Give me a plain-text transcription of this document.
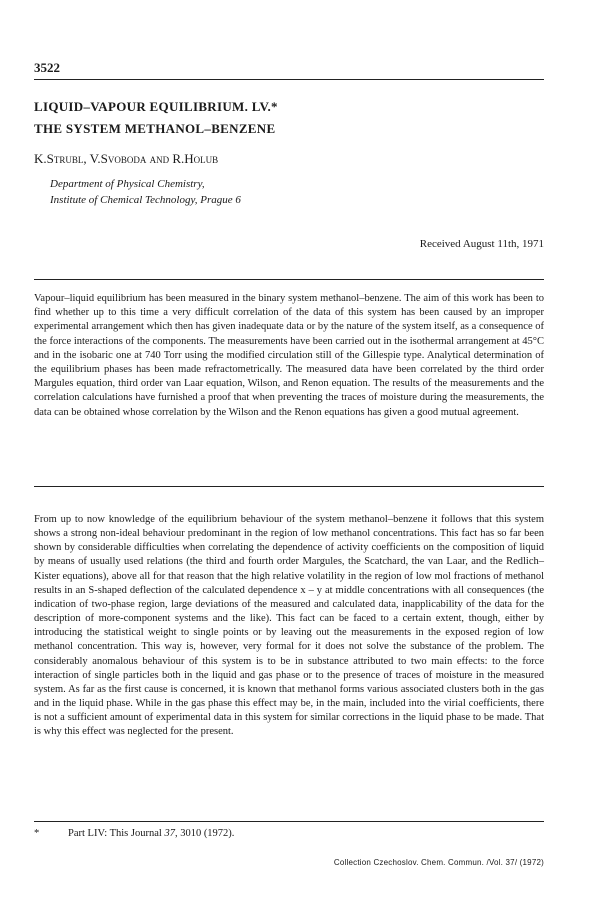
3522
LIQUID–VAPOUR EQUILIBRIUM. LV.*
THE SYSTEM METHANOL–BENZENE
K.Strubl, V.Svoboda and R.Holub
Department of Physical Chemistry,
Institute of Chemical Technology, Prague 6
Received August 11th, 1971

Vapour–liquid equilibrium has been measured in the binary system methanol–benzene. The aim of this work has been to find whether up to this time a very difficult correlation of the data of this system has been caused by an improper experimental arrangement which then has given inadequate data or by the nature of the system itself, as a consequence of the force interactions of the components. The measurements have been carried out in the isothermal arrangement at 45°C and in the isobaric one at 740 Torr using the modified circulation still of the Gillespie type. Analytical determination of the equilibrium phases has been made refractometrically. The measured data have been correlated by the third order Margules equation, third order van Laar equation, Wilson, and Renon equation. The results of the measurements and the correlation calculations have furnished a proof that when preventing the traces of moisture during the measurements, the data can be obtained whose correlation by the Wilson and the Renon equations has given a good mutual agreement.

From up to now knowledge of the equilibrium behaviour of the system methanol–benzene it follows that this system shows a strong non-ideal behaviour predominant in the region of low methanol concentrations. This fact has so far been shown by considerable difficulties when correlating the dependence of activity coefficients on the composition of liquid by means of usually used relations (the third and fourth order Margules, the Scatchard, the van Laar, and the Redlich–Kister equations), above all for that reason that the high relative volatility in the region of low mol fractions of methanol results in an S-shaped deflection of the calculated dependence x – y at middle concentrations with all consequences (the indication of two-phase region, large deviations of the measured and calculated data, inapplicability of the data for the description of more-component systems and the like). This fact can be faced to a certain extent, though, either by introducing the statistical weight to single points or by leaving out the measurements in the exposed region of low methanol concentration. This way is, however, very formal for it does not solve the substance of the problem. The considerably anomalous behaviour of this system is to be in substance attributed to two main effects: to the force interaction of single particles both in the liquid and gas phase or to the presence of traces of moisture in the measured system. As far as the first cause is concerned, it is known that methanol forms various associated clusters both in the gas and in the liquid phase. While in the gas phase this effect may be, in the main, included into the virial coefficients, there is not a sufficient amount of experimental data in this system for similar corrections in the liquid phase to be made. That is why this effect was neglected for the present.

*	Part LIV: This Journal 37, 3010 (1972).
Collection Czechoslov. Chem. Commun. /Vol. 37/ (1972)
